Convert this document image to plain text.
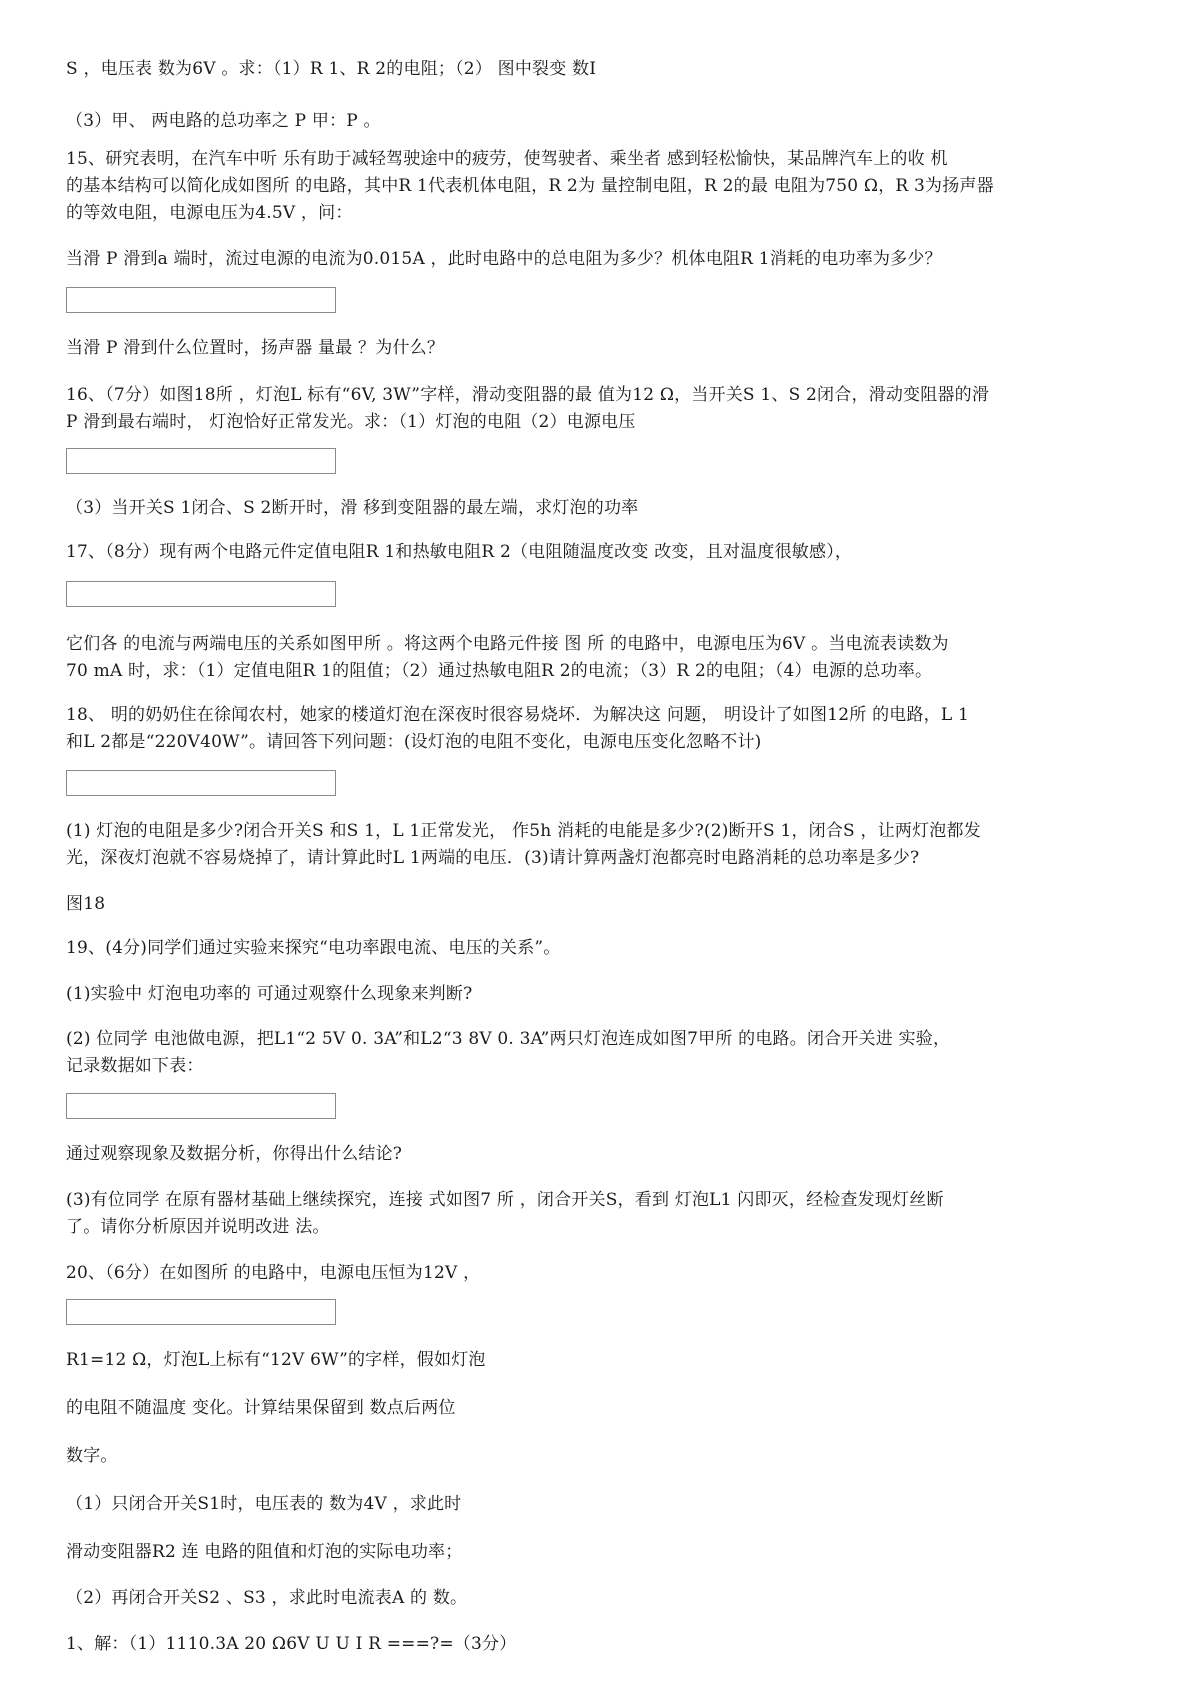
S ，电压表 数为6V 。求：（1）R 1、R 2的电阻；（2） 图中裂变 数I
（3）甲、 两电路的总功率之 P 甲：P 。
15、研究表明，在汽车中听 乐有助于减轻驾驶途中的疲劳，使驾驶者、乘坐者 感到轻松愉快，某品牌汽车上的收 机
的基本结构可以简化成如图所 的电路，其中R 1代表机体电阻，R 2为 量控制电阻，R 2的最 电阻为750 Ω，R 3为扬声器
的等效电阻，电源电压为4.5V ，问：
当滑 P 滑到a 端时，流过电源的电流为0.015A ，此时电路中的总电阻为多少？机体电阻R 1消耗的电功率为多少？
当滑 P 滑到什么位置时，扬声器 量最 ？为什么？
16、（7分）如图18所 ，灯泡L 标有“6V, 3W”字样，滑动变阻器的最 值为12 Ω，当开关S 1、S 2闭合，滑动变阻器的滑
P 滑到最右端时， 灯泡恰好正常发光。求：（1）灯泡的电阻（2）电源电压
（3）当开关S 1闭合、S 2断开时，滑 移到变阻器的最左端，求灯泡的功率
17、（8分）现有两个电路元件定值电阻R 1和热敏电阻R 2（电阻随温度改变 改变，且对温度很敏感），
它们各 的电流与两端电压的关系如图甲所 。将这两个电路元件接 图 所 的电路中，电源电压为6V 。当电流表读数为
70 mA 时，求：（1）定值电阻R 1的阻值；（2）通过热敏电阻R 2的电流；（3）R 2的电阻；（4）电源的总功率。
18、 明的奶奶住在徐闻农村，她家的楼道灯泡在深夜时很容易烧坏．为解决这 问题， 明设计了如图12所 的电路，L 1
和L 2都是“220V40W”。请回答下列问题：(设灯泡的电阻不变化，电源电压变化忽略不计)
(1) 灯泡的电阻是多少?闭合开关S 和S 1，L 1正常发光， 作5h 消耗的电能是多少?(2)断开S 1，闭合S ，让两灯泡都发
光，深夜灯泡就不容易烧掉了，请计算此时L 1两端的电压．(3)请计算两盏灯泡都亮时电路消耗的总功率是多少?
图18
19、(4分)同学们通过实验来探究“电功率跟电流、电压的关系”。
(1)实验中 灯泡电功率的 可通过观察什么现象来判断?
(2) 位同学 电池做电源，把L1“2 5V 0. 3A”和L2“3 8V 0. 3A”两只灯泡连成如图7甲所 的电路。闭合开关进 实验，
记录数据如下表：
通过观察现象及数据分析，你得出什么结论?
(3)有位同学 在原有器材基础上继续探究，连接 式如图7 所 ，闭合开关S，看到 灯泡L1 闪即灭，经检查发现灯丝断
了。请你分析原因并说明改进 法。
20、（6分）在如图所 的电路中，电源电压恒为12V ，
R1=12 Ω，灯泡L上标有“12V 6W”的字样，假如灯泡
的电阻不随温度 变化。计算结果保留到 数点后两位
数字。
（1）只闭合开关S1时，电压表的 数为4V ，求此时
滑动变阻器R2 连 电路的阻值和灯泡的实际电功率；
（2）再闭合开关S2 、S3 ，求此时电流表A 的 数。
1、解：（1）1110.3A 20 Ω6V U U I R ===?=（3分）
